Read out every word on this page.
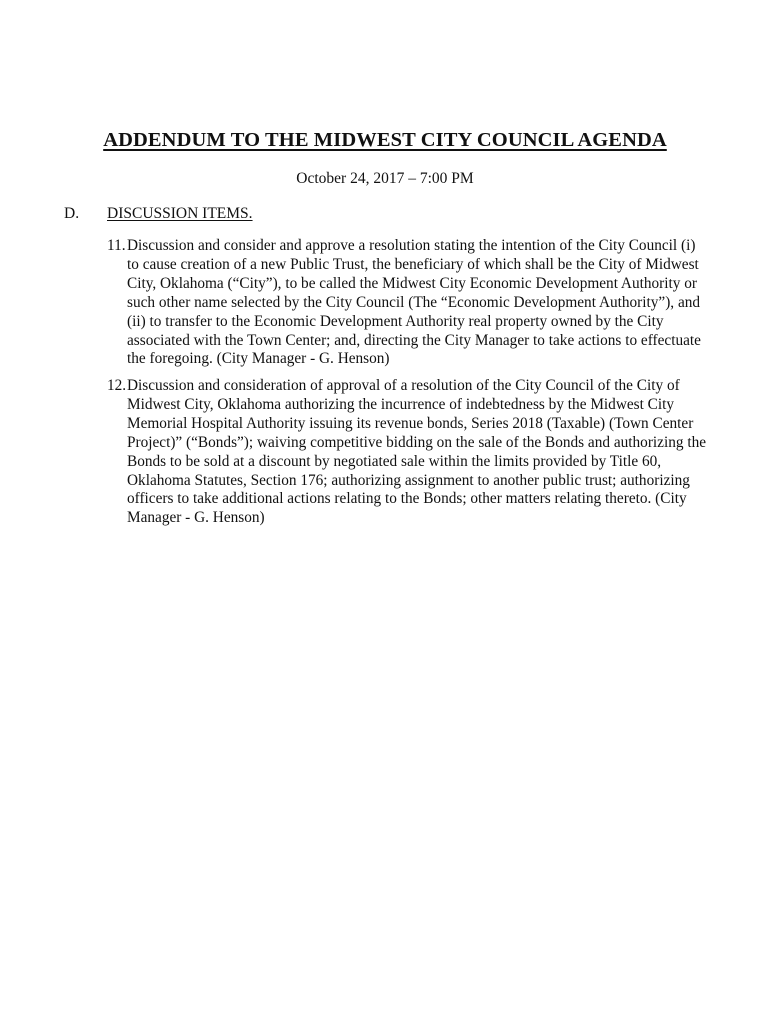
ADDENDUM TO THE MIDWEST CITY COUNCIL AGENDA
October 24, 2017 – 7:00 PM
D. DISCUSSION ITEMS.
11.Discussion and consider and approve a resolution stating the intention of the City Council (i) to cause creation of a new Public Trust, the beneficiary of which shall be the City of Midwest City, Oklahoma (“City”), to be called the Midwest City Economic Development Authority or such other name selected by the City Council (The “Economic Development Authority”), and (ii) to transfer to the Economic Development Authority real property owned by the City associated with the Town Center; and, directing the City Manager to take actions to effectuate the foregoing. (City Manager - G. Henson)
12.Discussion and consideration of approval of a resolution of the City Council of the City of Midwest City, Oklahoma authorizing the incurrence of indebtedness by the Midwest City Memorial Hospital Authority issuing its revenue bonds, Series 2018 (Taxable) (Town Center Project)” (“Bonds”); waiving competitive bidding on the sale of the Bonds and authorizing the Bonds to be sold at a discount by negotiated sale within the limits provided by Title 60, Oklahoma Statutes, Section 176; authorizing assignment to another public trust; authorizing officers to take additional actions relating to the Bonds; other matters relating thereto. (City Manager - G. Henson)
